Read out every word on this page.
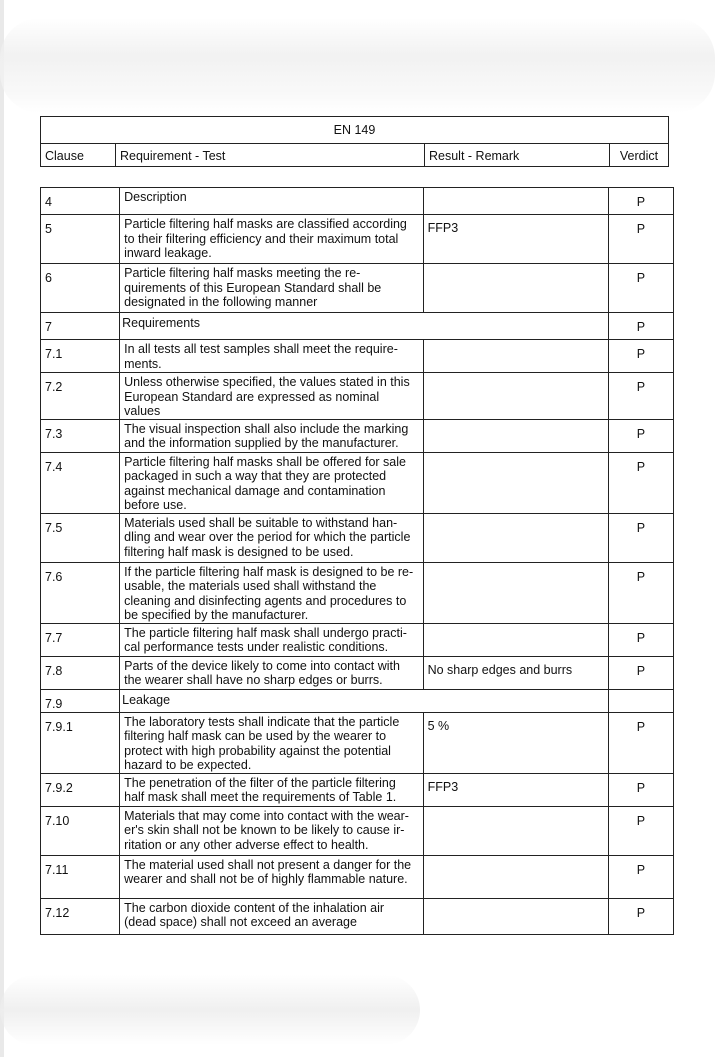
EN 149
Clause	Requirement - Test	Result - Remark	Verdict
4	Description		P
5	Particle filtering half masks are classified according to their filtering efficiency and their maximum total inward leakage.	FFP3	P
6	Particle filtering half masks meeting the re-quirements of this European Standard shall be designated in the following manner		P
7	Requirements		P
7.1	In all tests all test samples shall meet the require-ments.		P
7.2	Unless otherwise specified, the values stated in this European Standard are expressed as nominal values		P
7.3	The visual inspection shall also include the marking and the information supplied by the manufacturer.		P
7.4	Particle filtering half masks shall be offered for sale packaged in such a way that they are protected against mechanical damage and contamination before use.		P
7.5	Materials used shall be suitable to withstand han-dling and wear over the period for which the particle filtering half mask is designed to be used.		P
7.6	If the particle filtering half mask is designed to be re-usable, the materials used shall withstand the cleaning and disinfecting agents and procedures to be specified by the manufacturer.		P
7.7	The particle filtering half mask shall undergo practi-cal performance tests under realistic conditions.		P
7.8	Parts of the device likely to come into contact with the wearer shall have no sharp edges or burrs.	No sharp edges and burrs	P
7.9	Leakage		
7.9.1	The laboratory tests shall indicate that the particle filtering half mask can be used by the wearer to protect with high probability against the potential hazard to be expected.	5 %	P
7.9.2	The penetration of the filter of the particle filtering half mask shall meet the requirements of Table 1.	FFP3	P
7.10	Materials that may come into contact with the wear-er's skin shall not be known to be likely to cause ir-ritation or any other adverse effect to health.		P
7.11	The material used shall not present a danger for the wearer and shall not be of highly flammable nature.		P
7.12	The carbon dioxide content of the inhalation air (dead space) shall not exceed an average		P
